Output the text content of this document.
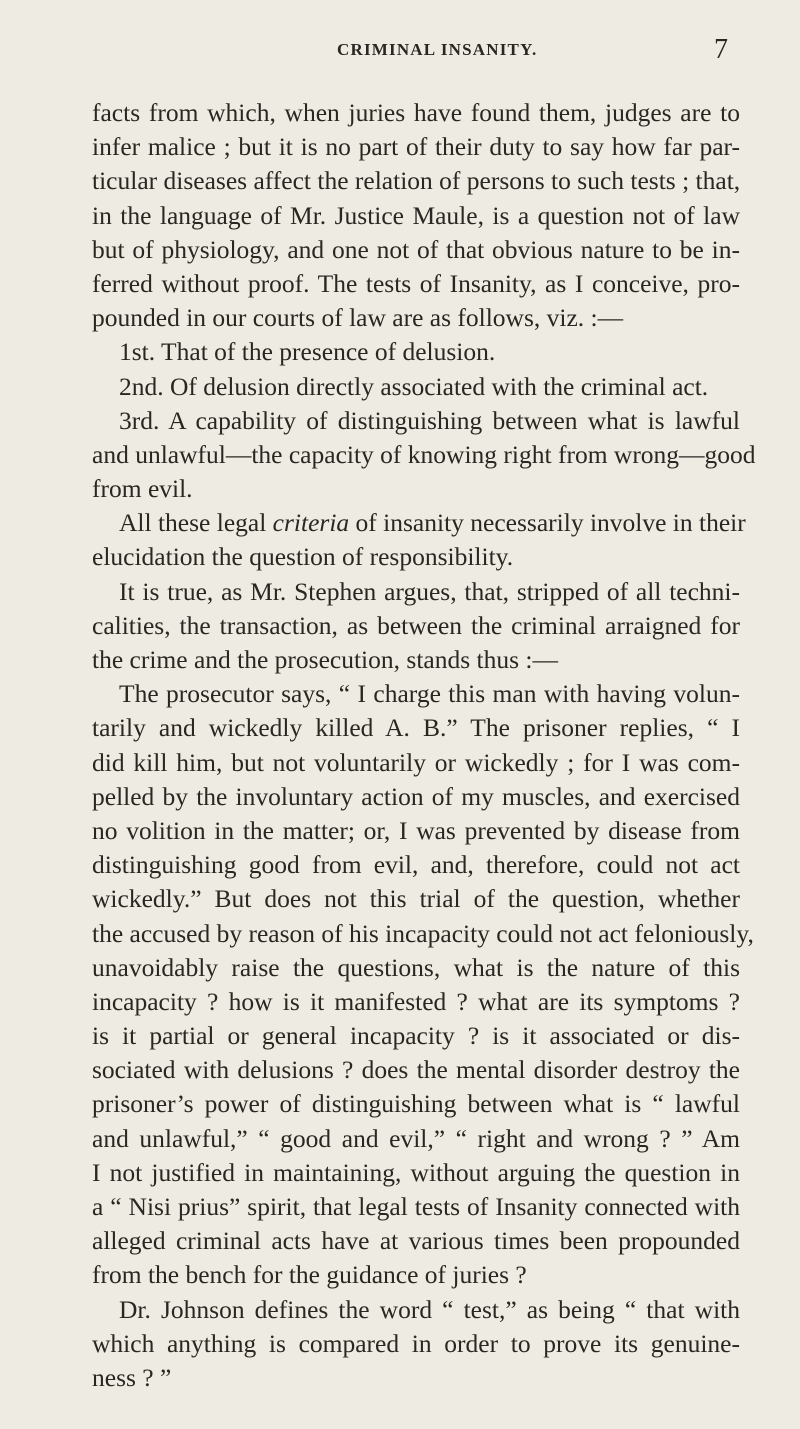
CRIMINAL INSANITY.	7
facts from which, when juries have found them, judges are to
infer malice ; but it is no part of their duty to say how far par-
ticular diseases affect the relation of persons to such tests ; that,
in the language of Mr. Justice Maule, is a question not of law
but of physiology, and one not of that obvious nature to be in-
ferred without proof. The tests of Insanity, as I conceive, pro-
pounded in our courts of law are as follows, viz. :—
1st. That of the presence of delusion.
2nd. Of delusion directly associated with the criminal act.
3rd. A capability of distinguishing between what is lawful
and unlawful—the capacity of knowing right from wrong—good
from evil.
All these legal criteria of insanity necessarily involve in their
elucidation the question of responsibility.
It is true, as Mr. Stephen argues, that, stripped of all techni-
calities, the transaction, as between the criminal arraigned for
the crime and the prosecution, stands thus :—
The prosecutor says, “ I charge this man with having volun-
tarily and wickedly killed A. B.” The prisoner replies, “ I
did kill him, but not voluntarily or wickedly ; for I was com-
pelled by the involuntary action of my muscles, and exercised
no volition in the matter; or, I was prevented by disease from
distinguishing good from evil, and, therefore, could not act
wickedly.” But does not this trial of the question, whether
the accused by reason of his incapacity could not act feloniously,
unavoidably raise the questions, what is the nature of this
incapacity ? how is it manifested ? what are its symptoms ?
is it partial or general incapacity ? is it associated or dis-
sociated with delusions ? does the mental disorder destroy the
prisoner’s power of distinguishing between what is “ lawful
and unlawful,” “ good and evil,” “ right and wrong ? ” Am
I not justified in maintaining, without arguing the question in
a “ Nisi prius” spirit, that legal tests of Insanity connected with
alleged criminal acts have at various times been propounded
from the bench for the guidance of juries ?
Dr. Johnson defines the word “ test,” as being “ that with
which anything is compared in order to prove its genuine-
ness ? ”
